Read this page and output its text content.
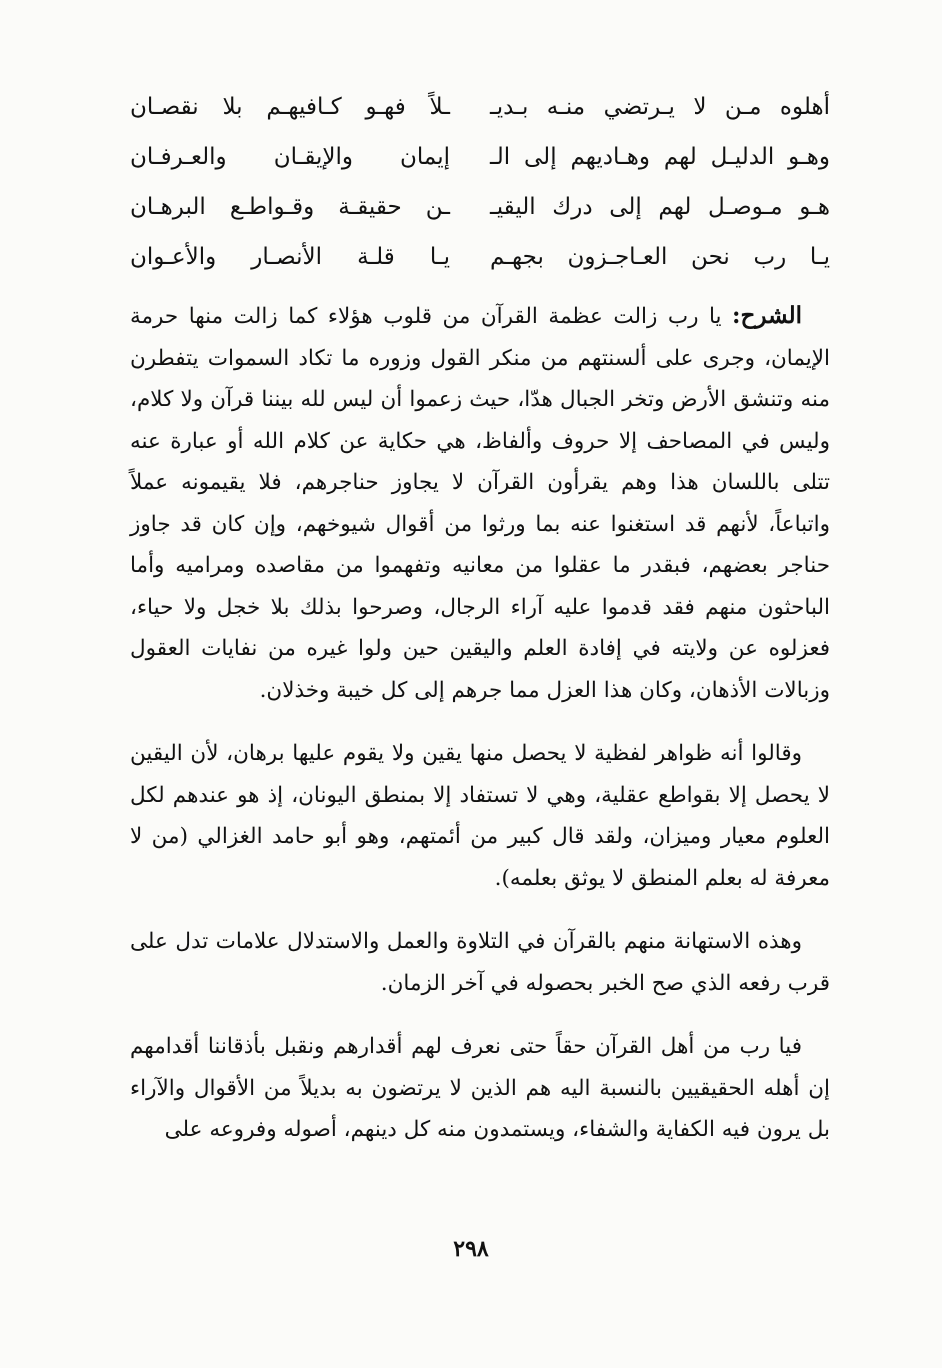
أهلوه مـن لا يـرتضي منـه بـديـ
ـلاً فهـو كـافيهـم بلا نقصـان
وهـو الدليـل لهم وهـاديهم إلى الـ
إيمان والإيقـان والعـرفـان
هـو مـوصـل لهم إلى درك اليقيـ
ـن حقيقـة وقـواطـع البرهـان
يـا رب نحن العـاجـزون بجهـم
يـا قلـة الأنصـار والأعـوان

الشرح: يا رب زالت عظمة القرآن من قلوب هؤلاء كما زالت منها حرمة الإيمان، وجرى على ألسنتهم من منكر القول وزوره ما تكاد السموات يتفطرن منه وتنشق الأرض وتخر الجبال هدّا، حيث زعموا أن ليس لله بيننا قرآن ولا كلام، وليس في المصاحف إلا حروف وألفاظ، هي حكاية عن كلام الله أو عبارة عنه تتلى باللسان هذا وهم يقرأون القرآن لا يجاوز حناجرهم، فلا يقيمونه عملاً واتباعاً، لأنهم قد استغنوا عنه بما ورثوا من أقوال شيوخهم، وإن كان قد جاوز حناجر بعضهم، فبقدر ما عقلوا من معانيه وتفهموا من مقاصده ومراميه وأما الباحثون منهم فقد قدموا عليه آراء الرجال، وصرحوا بذلك بلا خجل ولا حياء، فعزلوه عن ولايته في إفادة العلم واليقين حين ولوا غيره من نفايات العقول وزبالات الأذهان، وكان هذا العزل مما جرهم إلى كل خيبة وخذلان.

وقالوا أنه ظواهر لفظية لا يحصل منها يقين ولا يقوم عليها برهان، لأن اليقين لا يحصل إلا بقواطع عقلية، وهي لا تستفاد إلا بمنطق اليونان، إذ هو عندهم لكل العلوم معيار وميزان، ولقد قال كبير من أئمتهم، وهو أبو حامد الغزالي (من لا معرفة له بعلم المنطق لا يوثق بعلمه).

وهذه الاستهانة منهم بالقرآن في التلاوة والعمل والاستدلال علامات تدل على قرب رفعه الذي صح الخبر بحصوله في آخر الزمان.

فيا رب من أهل القرآن حقاً حتى نعرف لهم أقدارهم ونقبل بأذقاننا أقدامهم إن أهله الحقيقيين بالنسبة اليه هم الذين لا يرتضون به بديلاً من الأقوال والآراء بل يرون فيه الكفاية والشفاء، ويستمدون منه كل دينهم، أصوله وفروعه على

٢٩٨
